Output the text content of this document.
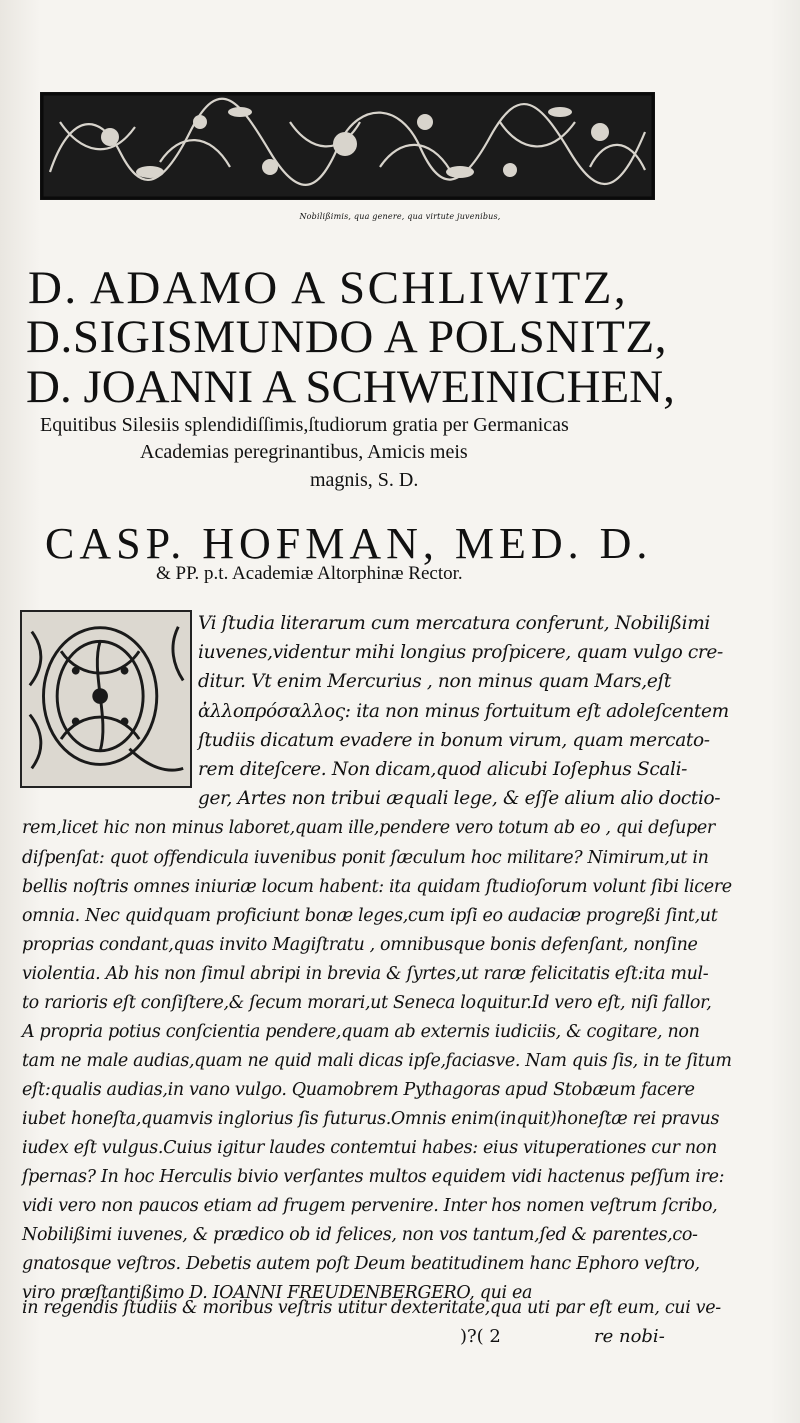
Nobilißimis, qua genere, qua virtute juvenibus,
D. ADAMO A SCHLIWITZ,
D.SIGISMUNDO A POLSNITZ,
D. JOANNI A SCHWEINICHEN,
Equitibus Silesiis splendidiſſimis,ſtudiorum gratia per Germanicas
Academias peregrinantibus, Amicis meis
magnis, S. D.
CASP. HOFMAN, MED. D.
& PP. p.t. Academiæ Altorphinæ Rector.
Vi ſtudia literarum cum mercatura conferunt, Nobilißimi
iuvenes,videntur mihi longius proſpicere, quam vulgo cre-
ditur. Vt enim Mercurius , non minus quam Mars,eſt
ἀλλοπρόσαλλος: ita non minus fortuitum eſt adoleſcentem
ſtudiis dicatum evadere in bonum virum, quam mercato-
rem diteſcere. Non dicam,quod alicubi Ioſephus Scali-
ger, Artes non tribui æquali lege, & eſſe alium alio doctio-
rem,licet hic non minus laboret,quam ille,pendere vero totum ab eo , qui deſuper
diſpenſat: quot offendicula iuvenibus ponit ſæculum hoc militare? Nimirum,ut in
bellis noſtris omnes iniuriæ locum habent: ita quidam ſtudioſorum volunt ſibi licere
omnia. Nec quidquam proficiunt bonæ leges,cum ipſi eo audaciæ progreßi ſint,ut
proprias condant,quas invito Magiſtratu , omnibusque bonis defenſant, nonſine
violentia. Ab his non ſimul abripi in brevia & ſyrtes,ut raræ felicitatis eſt:ita mul-
to rarioris eſt conſiſtere,& ſecum morari,ut Seneca loquitur.Id vero eſt, niſi fallor,
A propria potius conſcientia pendere,quam ab externis iudiciis, & cogitare, non
tam ne male audias,quam ne quid mali dicas ipſe,faciasve. Nam quis ſis, in te ſitum
eſt:qualis audias,in vano vulgo. Quamobrem Pythagoras apud Stobæum facere
iubet honeſta,quamvis inglorius ſis futurus.Omnis enim(inquit)honeſtæ rei pravus
iudex eſt vulgus.Cuius igitur laudes contemtui habes: eius vituperationes cur non
ſpernas? In hoc Herculis bivio verſantes multos equidem vidi hactenus peſſum ire:
vidi vero non paucos etiam ad frugem pervenire. Inter hos nomen veſtrum ſcribo,
Nobilißimi iuvenes, & prædico ob id felices, non vos tantum,ſed & parentes,co-
gnatosque veſtros. Debetis autem poſt Deum beatitudinem hanc Ephoro veſtro,
viro præſtantißimo D. IOANNI FREUDENBERGERO, qui ea
)?( 2	re nobi-
in regendis ſtudiis & moribus veſtris utitur dexteritate,qua uti par eſt eum, cui ve-
